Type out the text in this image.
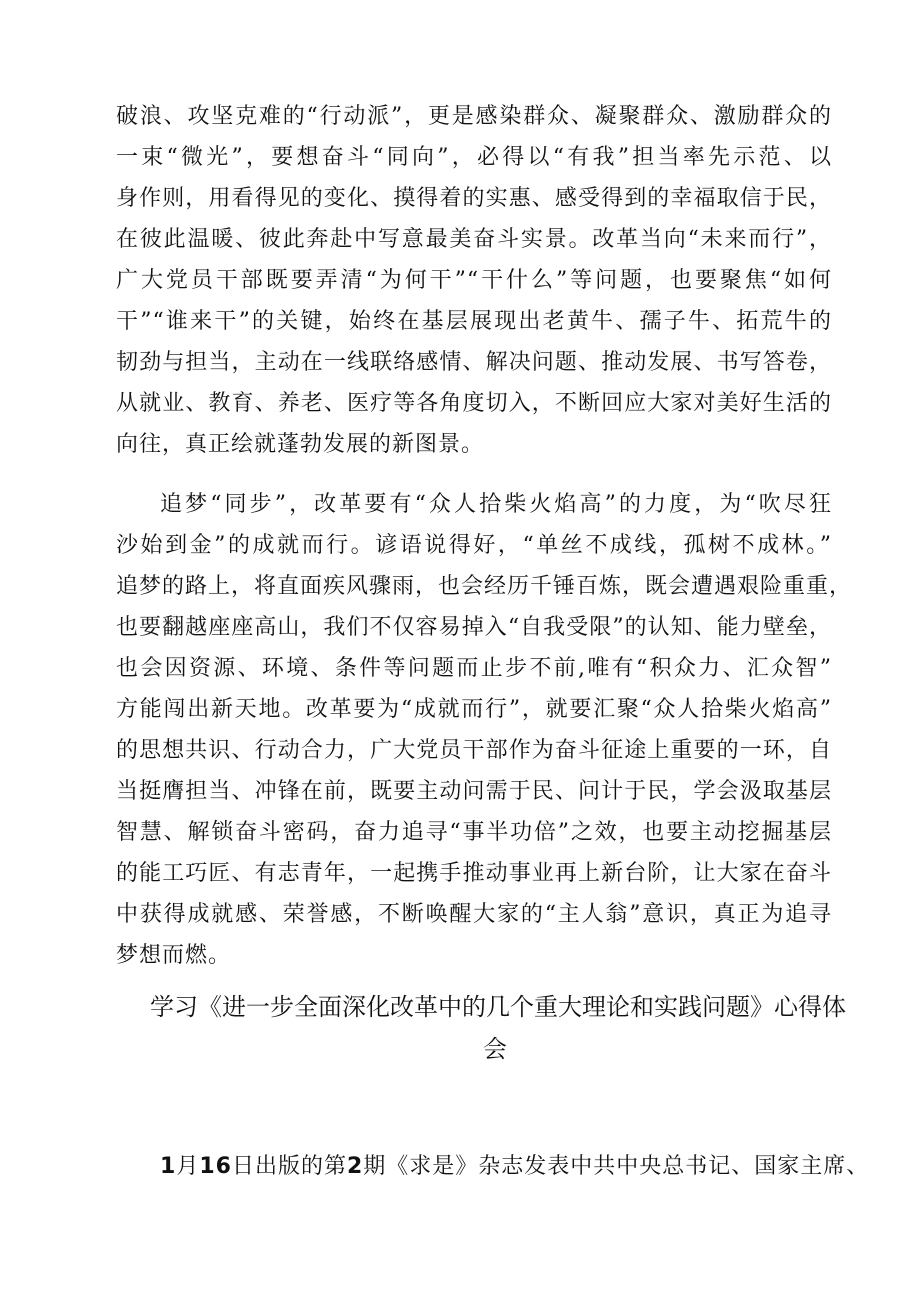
破浪、攻坚克难的“行动派”，更是感染群众、凝聚群众、激励群众的
一束“微光”，要想奋斗“同向”，必得以“有我”担当率先示范、以
身作则，用看得见的变化、摸得着的实惠、感受得到的幸福取信于民，
在彼此温暖、彼此奔赴中写意最美奋斗实景。改革当向“未来而行”，
广大党员干部既要弄清“为何干”“干什么”等问题，也要聚焦“如何
干”“谁来干”的关键，始终在基层展现出老黄牛、孺子牛、拓荒牛的
韧劲与担当，主动在一线联络感情、解决问题、推动发展、书写答卷，
从就业、教育、养老、医疗等各角度切入，不断回应大家对美好生活的
向往，真正绘就蓬勃发展的新图景。
追梦“同步”，改革要有“众人拾柴火焰高”的力度，为“吹尽狂
沙始到金”的成就而行。谚语说得好，“单丝不成线，孤树不成林。”
追梦的路上，将直面疾风骤雨，也会经历千锤百炼，既会遭遇艰险重重，
也要翻越座座高山，我们不仅容易掉入“自我受限”的认知、能力壁垒，
也会因资源、环境、条件等问题而止步不前,唯有“积众力、汇众智”
方能闯出新天地。改革要为“成就而行”，就要汇聚“众人拾柴火焰高”
的思想共识、行动合力，广大党员干部作为奋斗征途上重要的一环，自
当挺膺担当、冲锋在前，既要主动问需于民、问计于民，学会汲取基层
智慧、解锁奋斗密码，奋力追寻“事半功倍”之效，也要主动挖掘基层
的能工巧匠、有志青年，一起携手推动事业再上新台阶，让大家在奋斗
中获得成就感、荣誉感，不断唤醒大家的“主人翁”意识，真正为追寻
梦想而燃。
学习《进一步全面深化改革中的几个重大理论和实践问题》心得体
会
1月16日出版的第2期《求是》杂志发表中共中央总书记、国家主席、
